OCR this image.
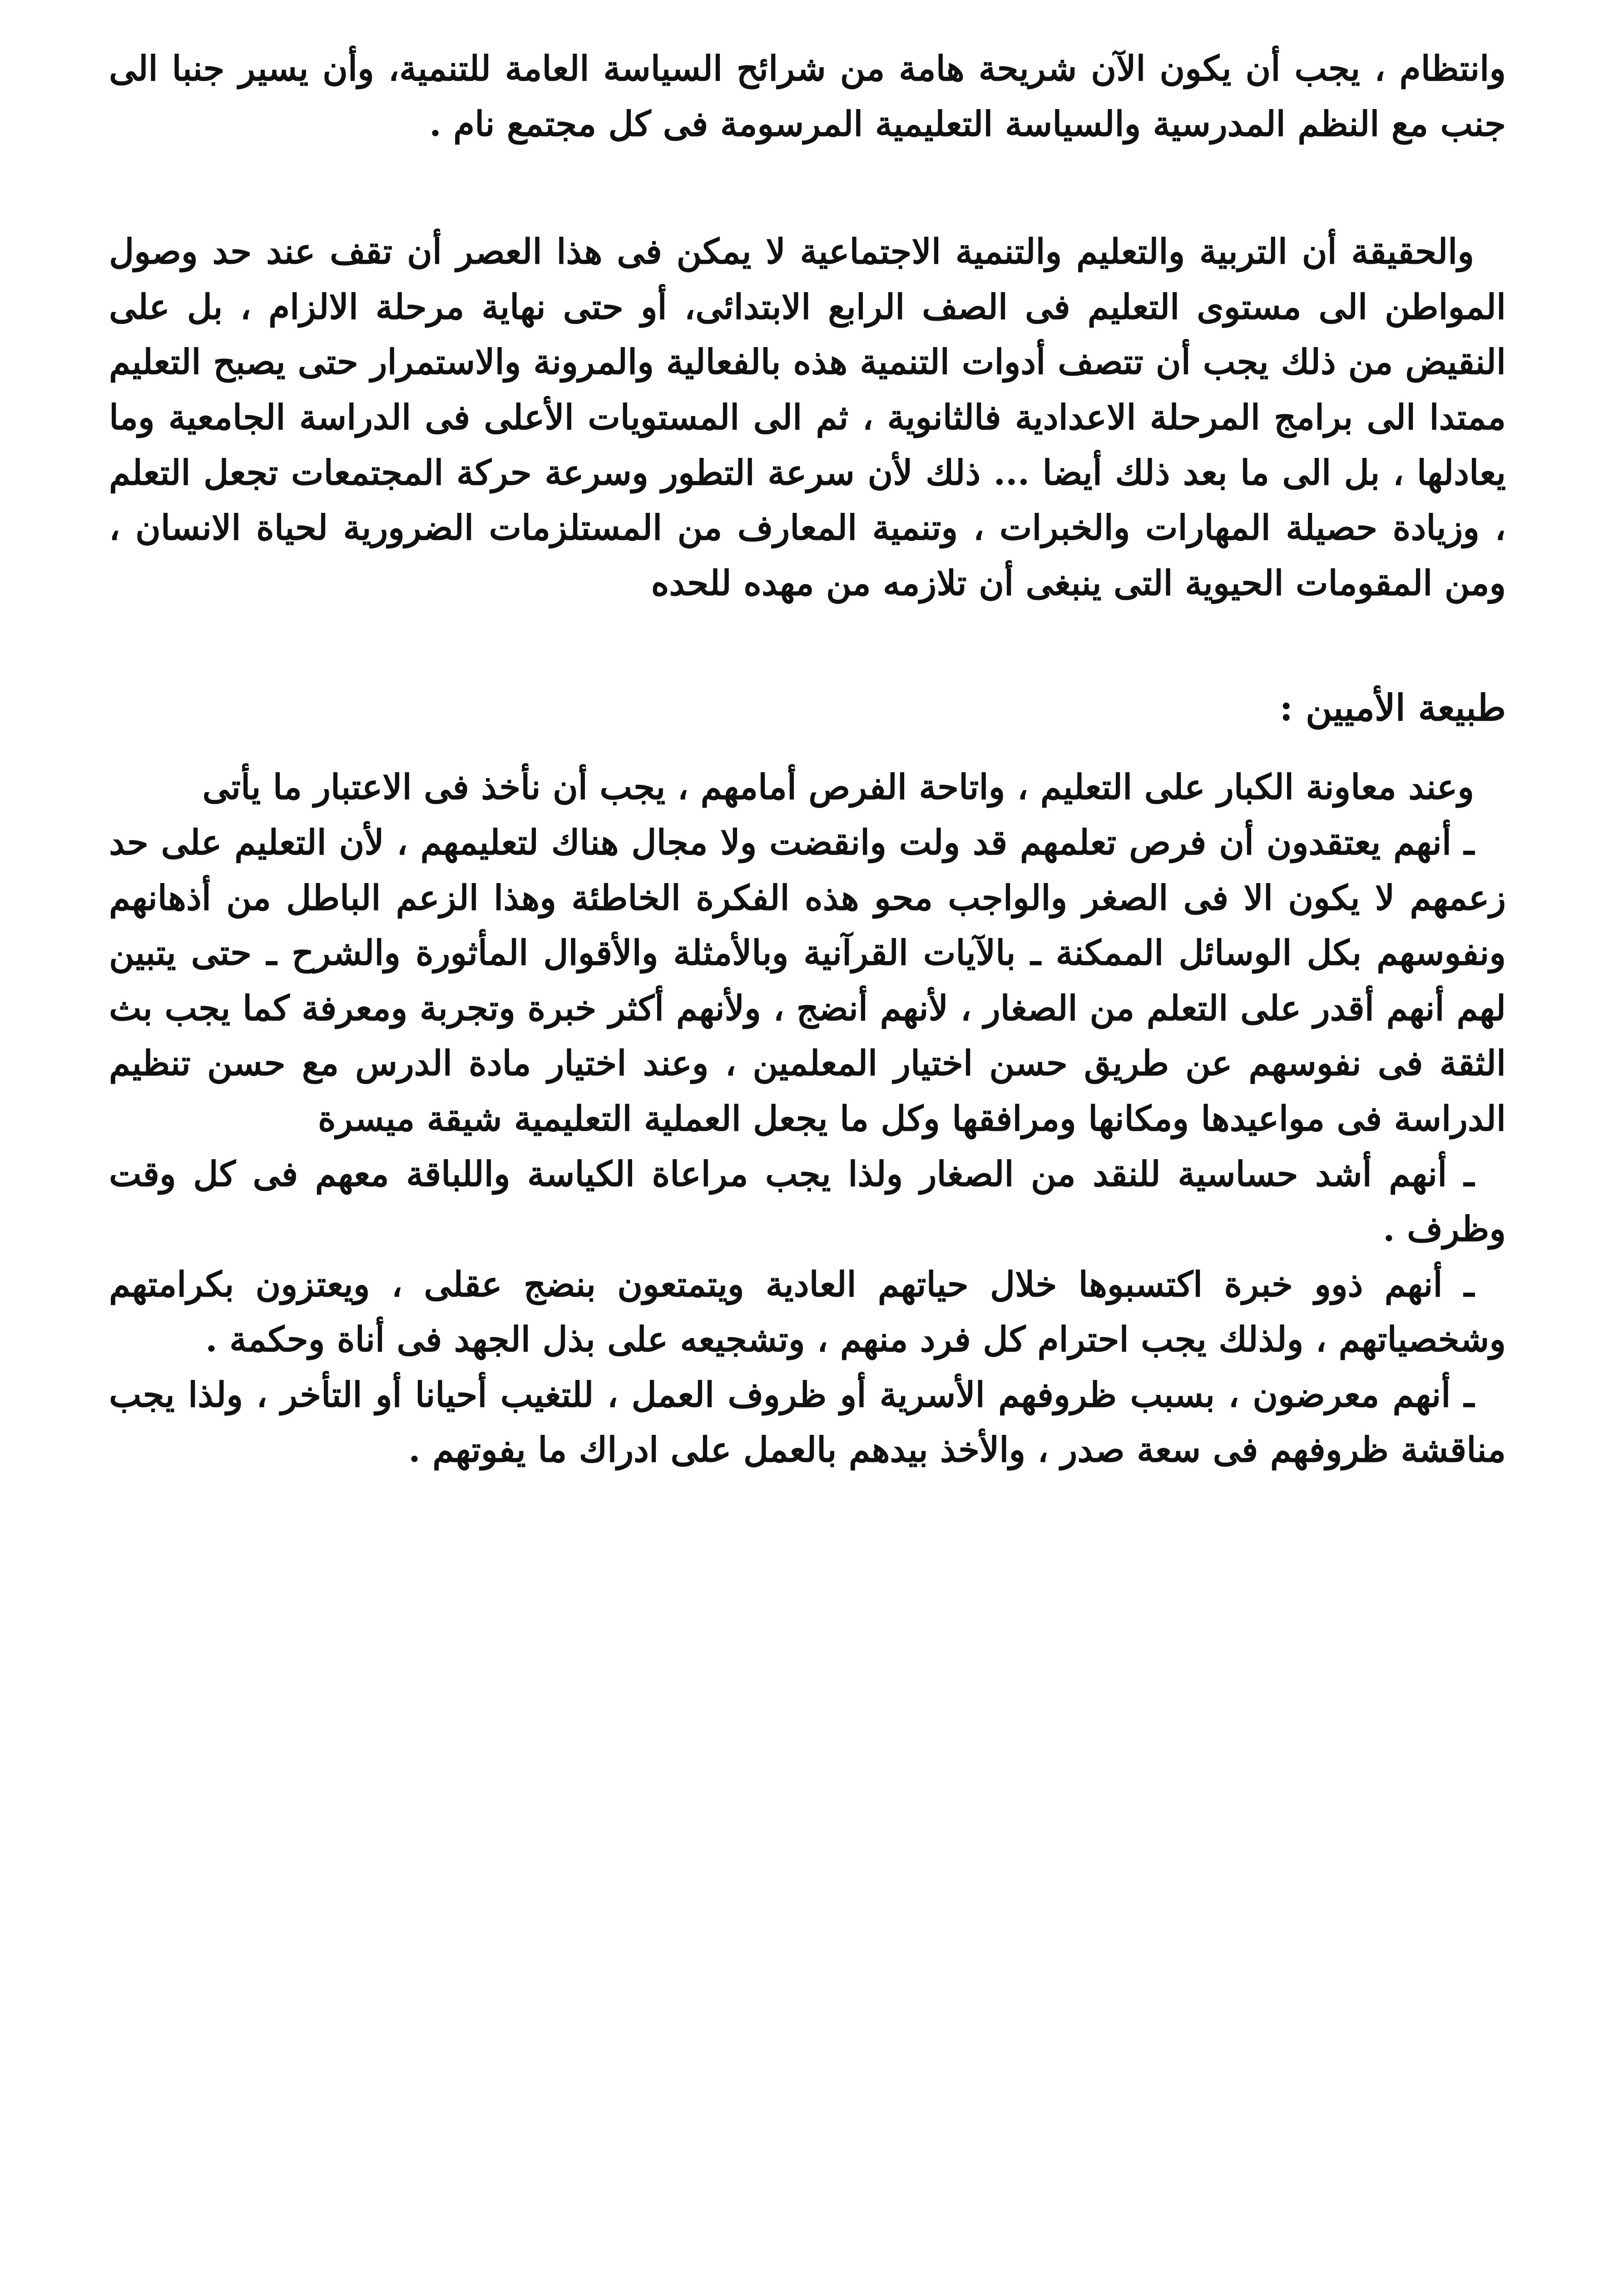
وانتظام ، يجب أن يكون الآن شريحة هامة من شرائح السياسة العامة للتنمية، وأن يسير جنبا الى جنب مع النظم المدرسية والسياسة التعليمية المرسومة فى كل مجتمع نام .

والحقيقة أن التربية والتعليم والتنمية الاجتماعية لا يمكن فى هذا العصر أن تقف عند حد وصول المواطن الى مستوى التعليم فى الصف الرابع الابتدائى، أو حتى نهاية مرحلة الالزام ، بل على النقيض من ذلك يجب أن تتصف أدوات التنمية هذه بالفعالية والمرونة والاستمرار حتى يصبح التعليم ممتدا الى برامج المرحلة الاعدادية فالثانوية ، ثم الى المستويات الأعلى فى الدراسة الجامعية وما يعادلها ، بل الى ما بعد ذلك أيضا ... ذلك لأن سرعة التطور وسرعة حركة المجتمعات تجعل التعلم ، وزيادة حصيلة المهارات والخبرات ، وتنمية المعارف من المستلزمات الضرورية لحياة الانسان ، ومن المقومات الحيوية التى ينبغى أن تلازمه من مهده للحده

طبيعة الأميين :

وعند معاونة الكبار على التعليم ، واتاحة الفرص أمامهم ، يجب أن نأخذ فى الاعتبار ما يأتى

ـ أنهم يعتقدون أن فرص تعلمهم قد ولت وانقضت ولا مجال هناك لتعليمهم ، لأن التعليم على حد زعمهم لا يكون الا فى الصغر والواجب محو هذه الفكرة الخاطئة وهذا الزعم الباطل من أذهانهم ونفوسهم بكل الوسائل الممكنة ـ بالآيات القرآنية وبالأمثلة والأقوال المأثورة والشرح ـ حتى يتبين لهم أنهم أقدر على التعلم من الصغار ، لأنهم أنضج ، ولأنهم أكثر خبرة وتجربة ومعرفة كما يجب بث الثقة فى نفوسهم عن طريق حسن اختيار المعلمين ، وعند اختيار مادة الدرس مع حسن تنظيم الدراسة فى مواعيدها ومكانها ومرافقها وكل ما يجعل العملية التعليمية شيقة ميسرة

ـ أنهم أشد حساسية للنقد من الصغار ولذا يجب مراعاة الكياسة واللباقة معهم فى كل وقت وظرف .

ـ أنهم ذوو خبرة اكتسبوها خلال حياتهم العادية ويتمتعون بنضج عقلى ، ويعتزون بكرامتهم وشخصياتهم ، ولذلك يجب احترام كل فرد منهم ، وتشجيعه على بذل الجهد فى أناة وحكمة .

ـ أنهم معرضون ، بسبب ظروفهم الأسرية أو ظروف العمل ، للتغيب أحيانا أو التأخر ، ولذا يجب مناقشة ظروفهم فى سعة صدر ، والأخذ بيدهم بالعمل على ادراك ما يفوتهم .
